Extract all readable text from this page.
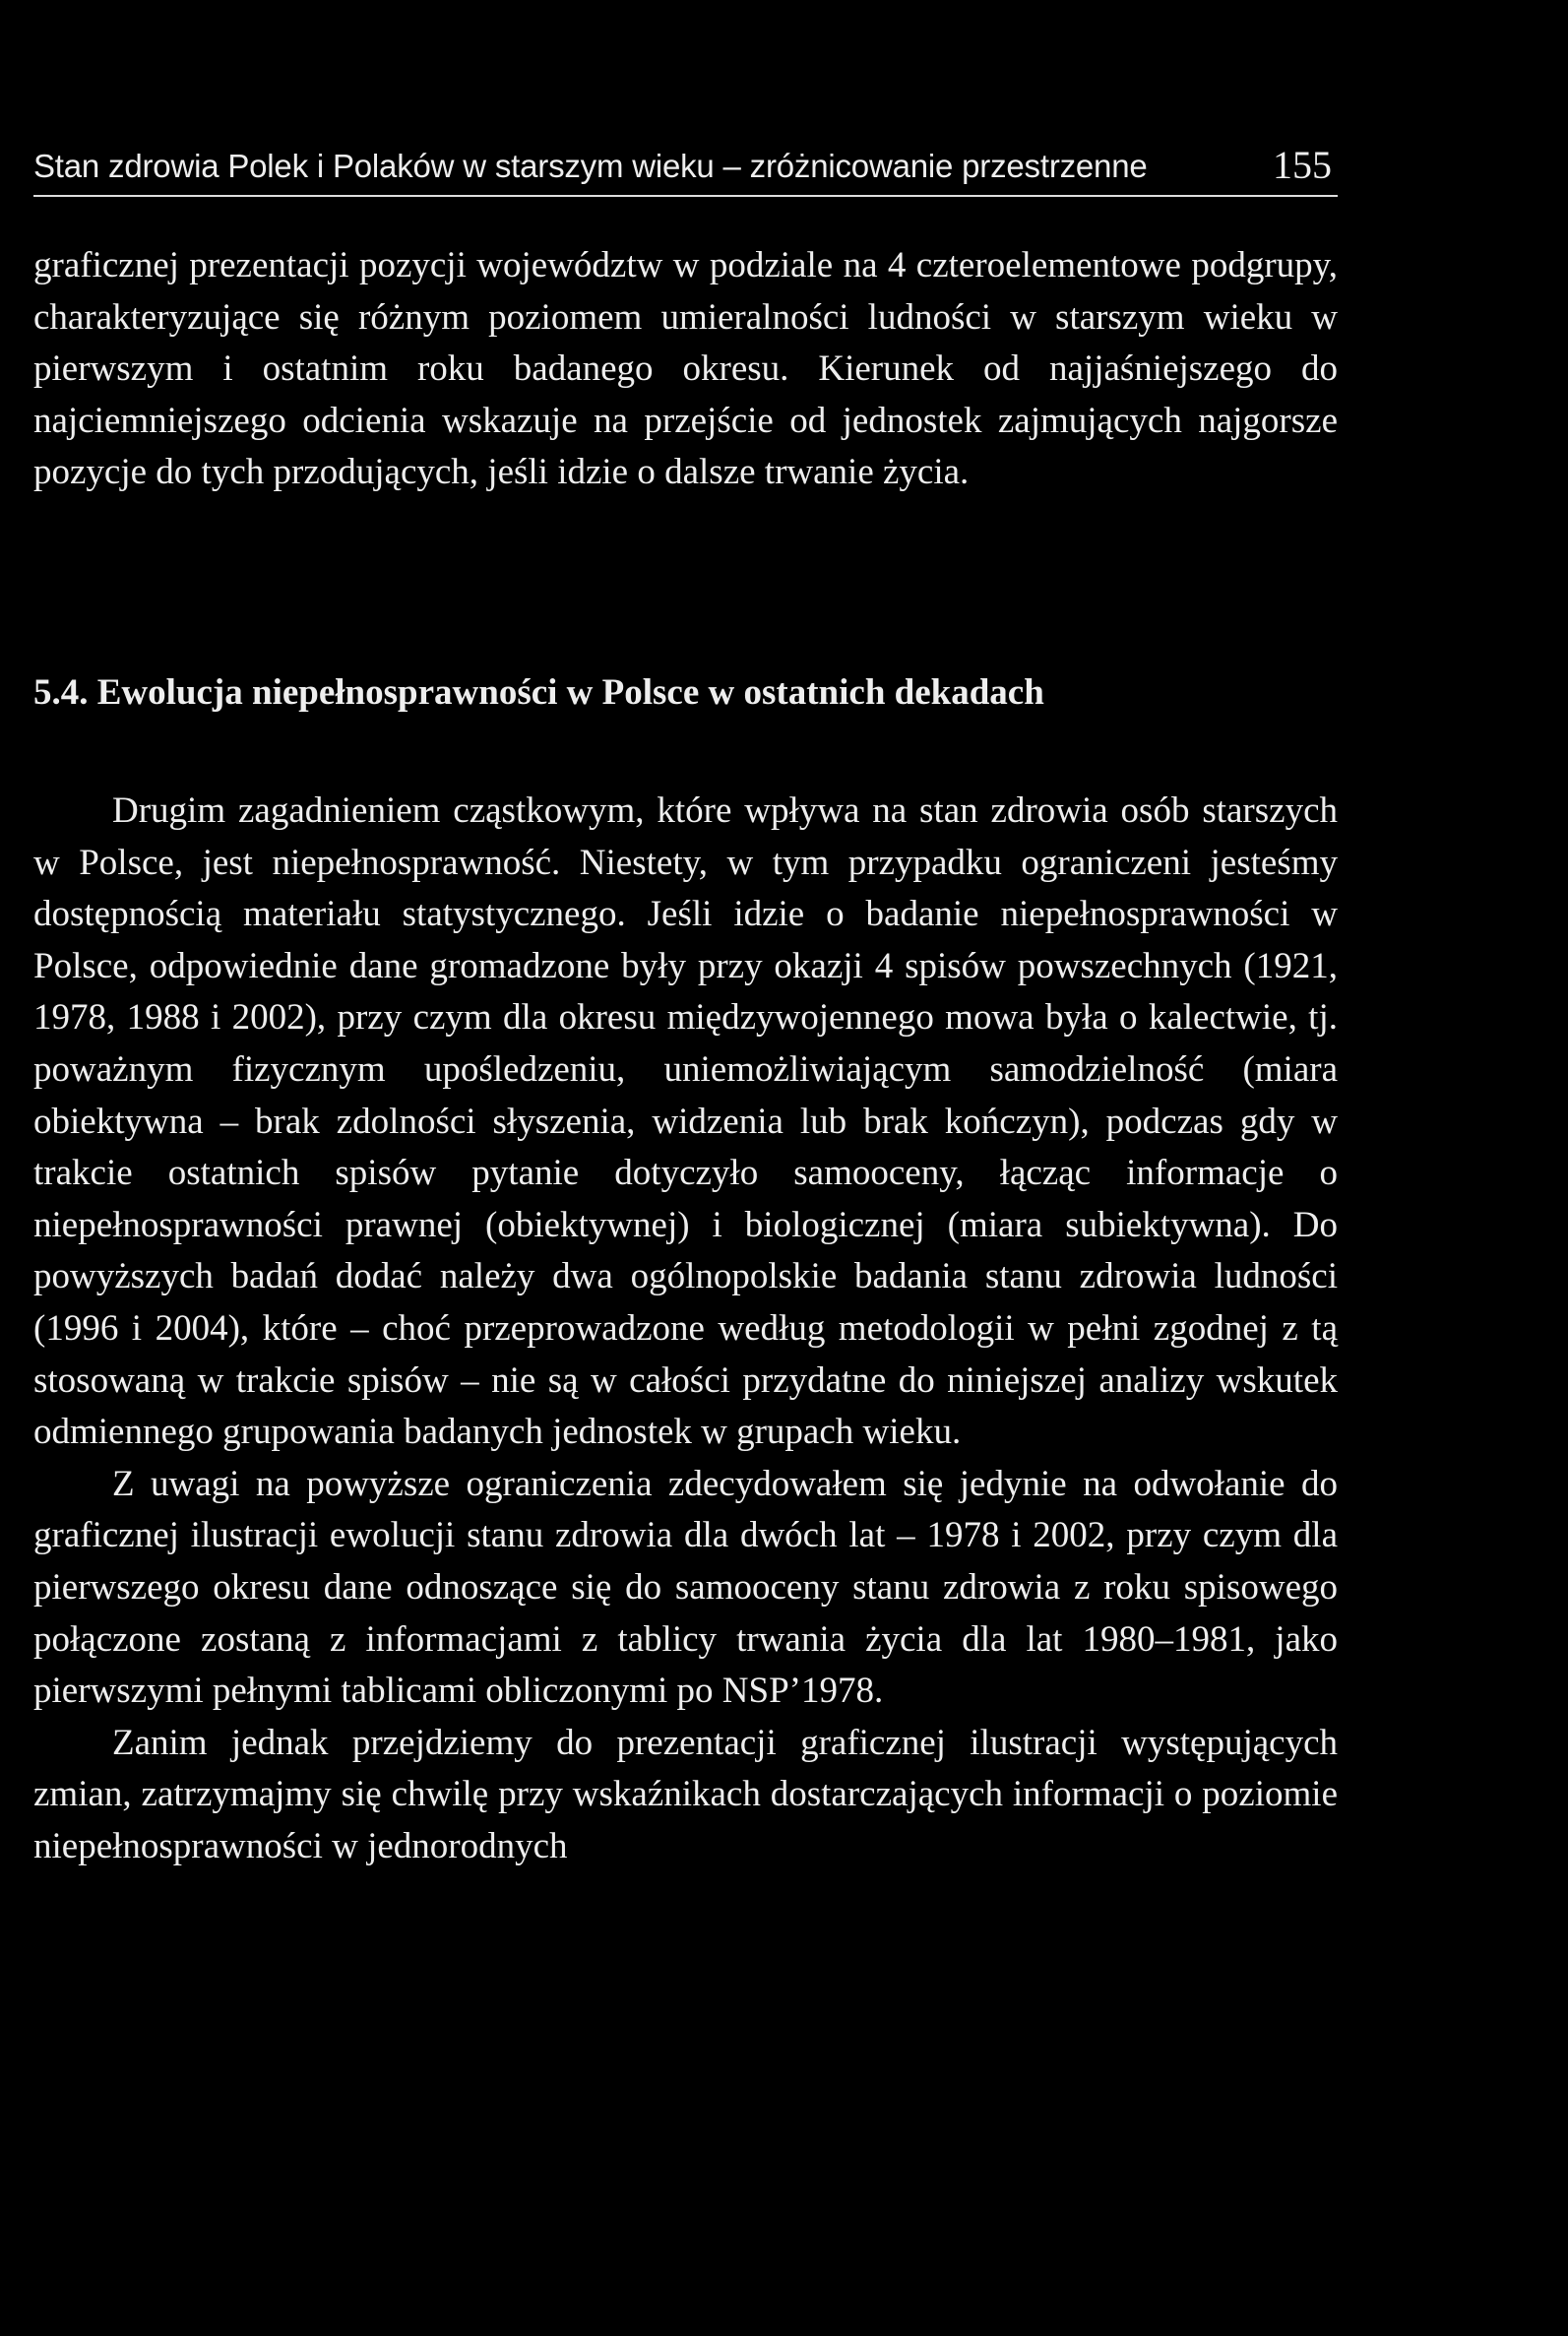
Stan zdrowia Polek i Polaków w starszym wieku – zróżnicowanie przestrzenne	155

graficznej prezentacji pozycji województw w podziale na 4 czteroelementowe podgrupy, charakteryzujące się różnym poziomem umieralności ludności w starszym wieku w pierwszym i ostatnim roku badanego okresu. Kierunek od najjaśniejszego do najciemniejszego odcienia wskazuje na przejście od jednostek zajmujących najgorsze pozycje do tych przodujących, jeśli idzie o dalsze trwanie życia.

5.4. Ewolucja niepełnosprawności w Polsce w ostatnich dekadach

Drugim zagadnieniem cząstkowym, które wpływa na stan zdrowia osób starszych w Polsce, jest niepełnosprawność. Niestety, w tym przypadku ograniczeni jesteśmy dostępnością materiału statystycznego. Jeśli idzie o badanie niepełnosprawności w Polsce, odpowiednie dane gromadzone były przy okazji 4 spisów powszechnych (1921, 1978, 1988 i 2002), przy czym dla okresu międzywojennego mowa była o kalectwie, tj. poważnym fizycznym upośledzeniu, uniemożliwiającym samodzielność (miara obiektywna – brak zdolności słyszenia, widzenia lub brak kończyn), podczas gdy w trakcie ostatnich spisów pytanie dotyczyło samooceny, łącząc informacje o niepełnosprawności prawnej (obiektywnej) i biologicznej (miara subiektywna). Do powyższych badań dodać należy dwa ogólnopolskie badania stanu zdrowia ludności (1996 i 2004), które – choć przeprowadzone według metodologii w pełni zgodnej z tą stosowaną w trakcie spisów – nie są w całości przydatne do niniejszej analizy wskutek odmiennego grupowania badanych jednostek w grupach wieku.

Z uwagi na powyższe ograniczenia zdecydowałem się jedynie na odwołanie do graficznej ilustracji ewolucji stanu zdrowia dla dwóch lat – 1978 i 2002, przy czym dla pierwszego okresu dane odnoszące się do samooceny stanu zdrowia z roku spisowego połączone zostaną z informacjami z tablicy trwania życia dla lat 1980–1981, jako pierwszymi pełnymi tablicami obliczonymi po NSP’1978.

Zanim jednak przejdziemy do prezentacji graficznej ilustracji występujących zmian, zatrzymajmy się chwilę przy wskaźnikach dostarczających informacji o poziomie niepełnosprawności w jednorodnych
